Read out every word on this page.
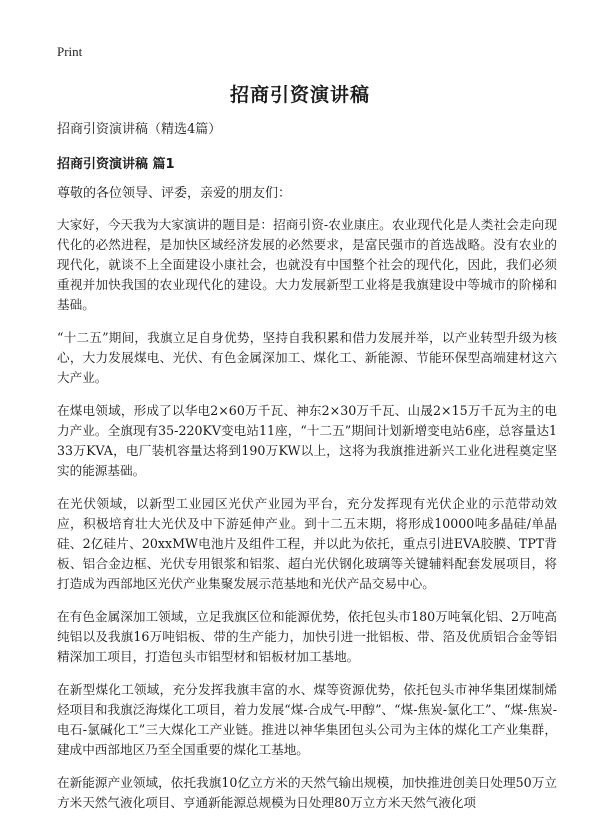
Print
招商引资演讲稿

招商引资演讲稿（精选4篇）

招商引资演讲稿 篇1

尊敬的各位领导、评委，亲爱的朋友们：

大家好，今天我为大家演讲的题目是：招商引资-农业康庄。农业现代化是人类社会走向现代化的必然进程，是加快区域经济发展的必然要求，是富民强市的首选战略。没有农业的现代化，就谈不上全面建设小康社会，也就没有中国整个社会的现代化，因此，我们必须重视并加快我国的农业现代化的建设。大力发展新型工业将是我旗建设中等城市的阶梯和基础。

“十二五”期间，我旗立足自身优势，坚持自我积累和借力发展并举，以产业转型升级为核心，大力发展煤电、光伏、有色金属深加工、煤化工、新能源、节能环保型高端建材这六大产业。

在煤电领域，形成了以华电2×60万千瓦、神东2×30万千瓦、山晟2×15万千瓦为主的电力产业。全旗现有35-220KV变电站11座，“十二五”期间计划新增变电站6座，总容量达133万KVA，电厂装机容量达将到190万KW以上，这将为我旗推进新兴工业化进程奠定坚实的能源基础。

在光伏领域，以新型工业园区光伏产业园为平台，充分发挥现有光伏企业的示范带动效应，积极培育壮大光伏及中下游延伸产业。到十二五末期，将形成10000吨多晶硅/单晶硅、2亿硅片、20xxMW电池片及组件工程，并以此为依托，重点引进EVA胶膜、TPT背板、铝合金边框、光伏专用银浆和铝浆、超白光伏钢化玻璃等关键辅料配套发展项目，将打造成为西部地区光伏产业集聚发展示范基地和光伏产品交易中心。

在有色金属深加工领域，立足我旗区位和能源优势，依托包头市180万吨氧化铝、2万吨高纯铝以及我旗16万吨铝板、带的生产能力，加快引进一批铝板、带、箔及优质铝合金等铝精深加工项目，打造包头市铝型材和铝板材加工基地。

在新型煤化工领域，充分发挥我旗丰富的水、煤等资源优势，依托包头市神华集团煤制烯烃项目和我旗泛海煤化工项目，着力发展“煤-合成气-甲醇”、“煤-焦炭-氯化工”、“煤-焦炭-电石-氯碱化工”三大煤化工产业链。推进以神华集团包头公司为主体的煤化工产业集群，建成中西部地区乃至全国重要的煤化工基地。

在新能源产业领域，依托我旗10亿立方米的天然气输出规模，加快推进创美日处理50万立方米天然气液化项目、亨通新能源总规模为日处理80万立方米天然气液化项
